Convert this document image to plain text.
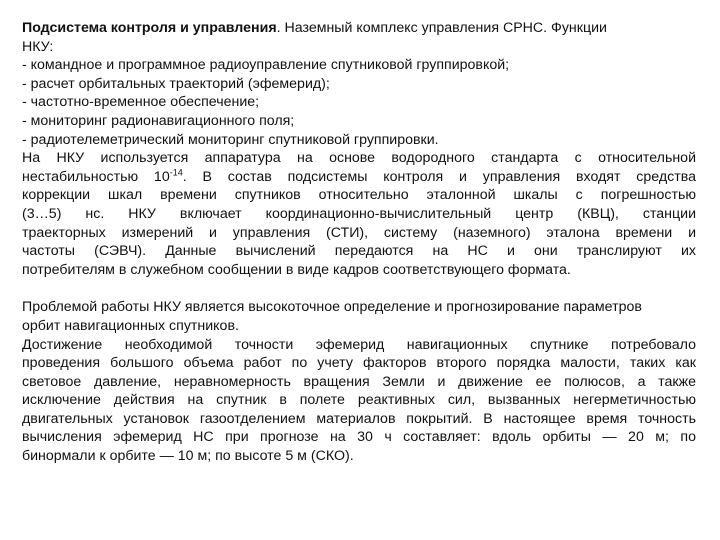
Подсистема контроля и управления. Наземный комплекс управления СРНС. Функции
НКУ:
- командное и программное радиоуправление спутниковой группировкой;
- расчет орбитальных траекторий (эфемерид);
- частотно-временное обеспечение;
- мониторинг радионавигационного поля;
- радиотелеметрический мониторинг спутниковой группировки.
На НКУ используется аппаратура на основе водородного стандарта с относительной
нестабильностью $10^{-14}$. В состав подсистемы контроля и управления входят средства
коррекции шкал времени спутников относительно эталонной шкалы с погрешностью
(3…5) нс. НКУ включает координационно-вычислительный центр (КВЦ), станции
траекторных измерений и управления (СТИ), систему (наземного) эталона времени и
частоты (СЭВЧ). Данные вычислений передаются на НС и они транслируют их
потребителям в служебном сообщении в виде кадров соответствующего формата.
Проблемой работы НКУ является высокоточное определение и прогнозирование параметров
орбит навигационных спутников.
Достижение необходимой точности эфемерид навигационных спутнике потребовало
проведения большого объема работ по учету факторов второго порядка малости, таких как
световое давление, неравномерность вращения Земли и движение ее полюсов, а также
исключение действия на спутник в полете реактивных сил, вызванных негерметичностью
двигательных установок газоотделением материалов покрытий. В настоящее время точность
вычисления эфемерид НС при прогнозе на 30 ч составляет: вдоль орбиты — 20 м; по
бинормали к орбите — 10 м; по высоте 5 м (СКО).
